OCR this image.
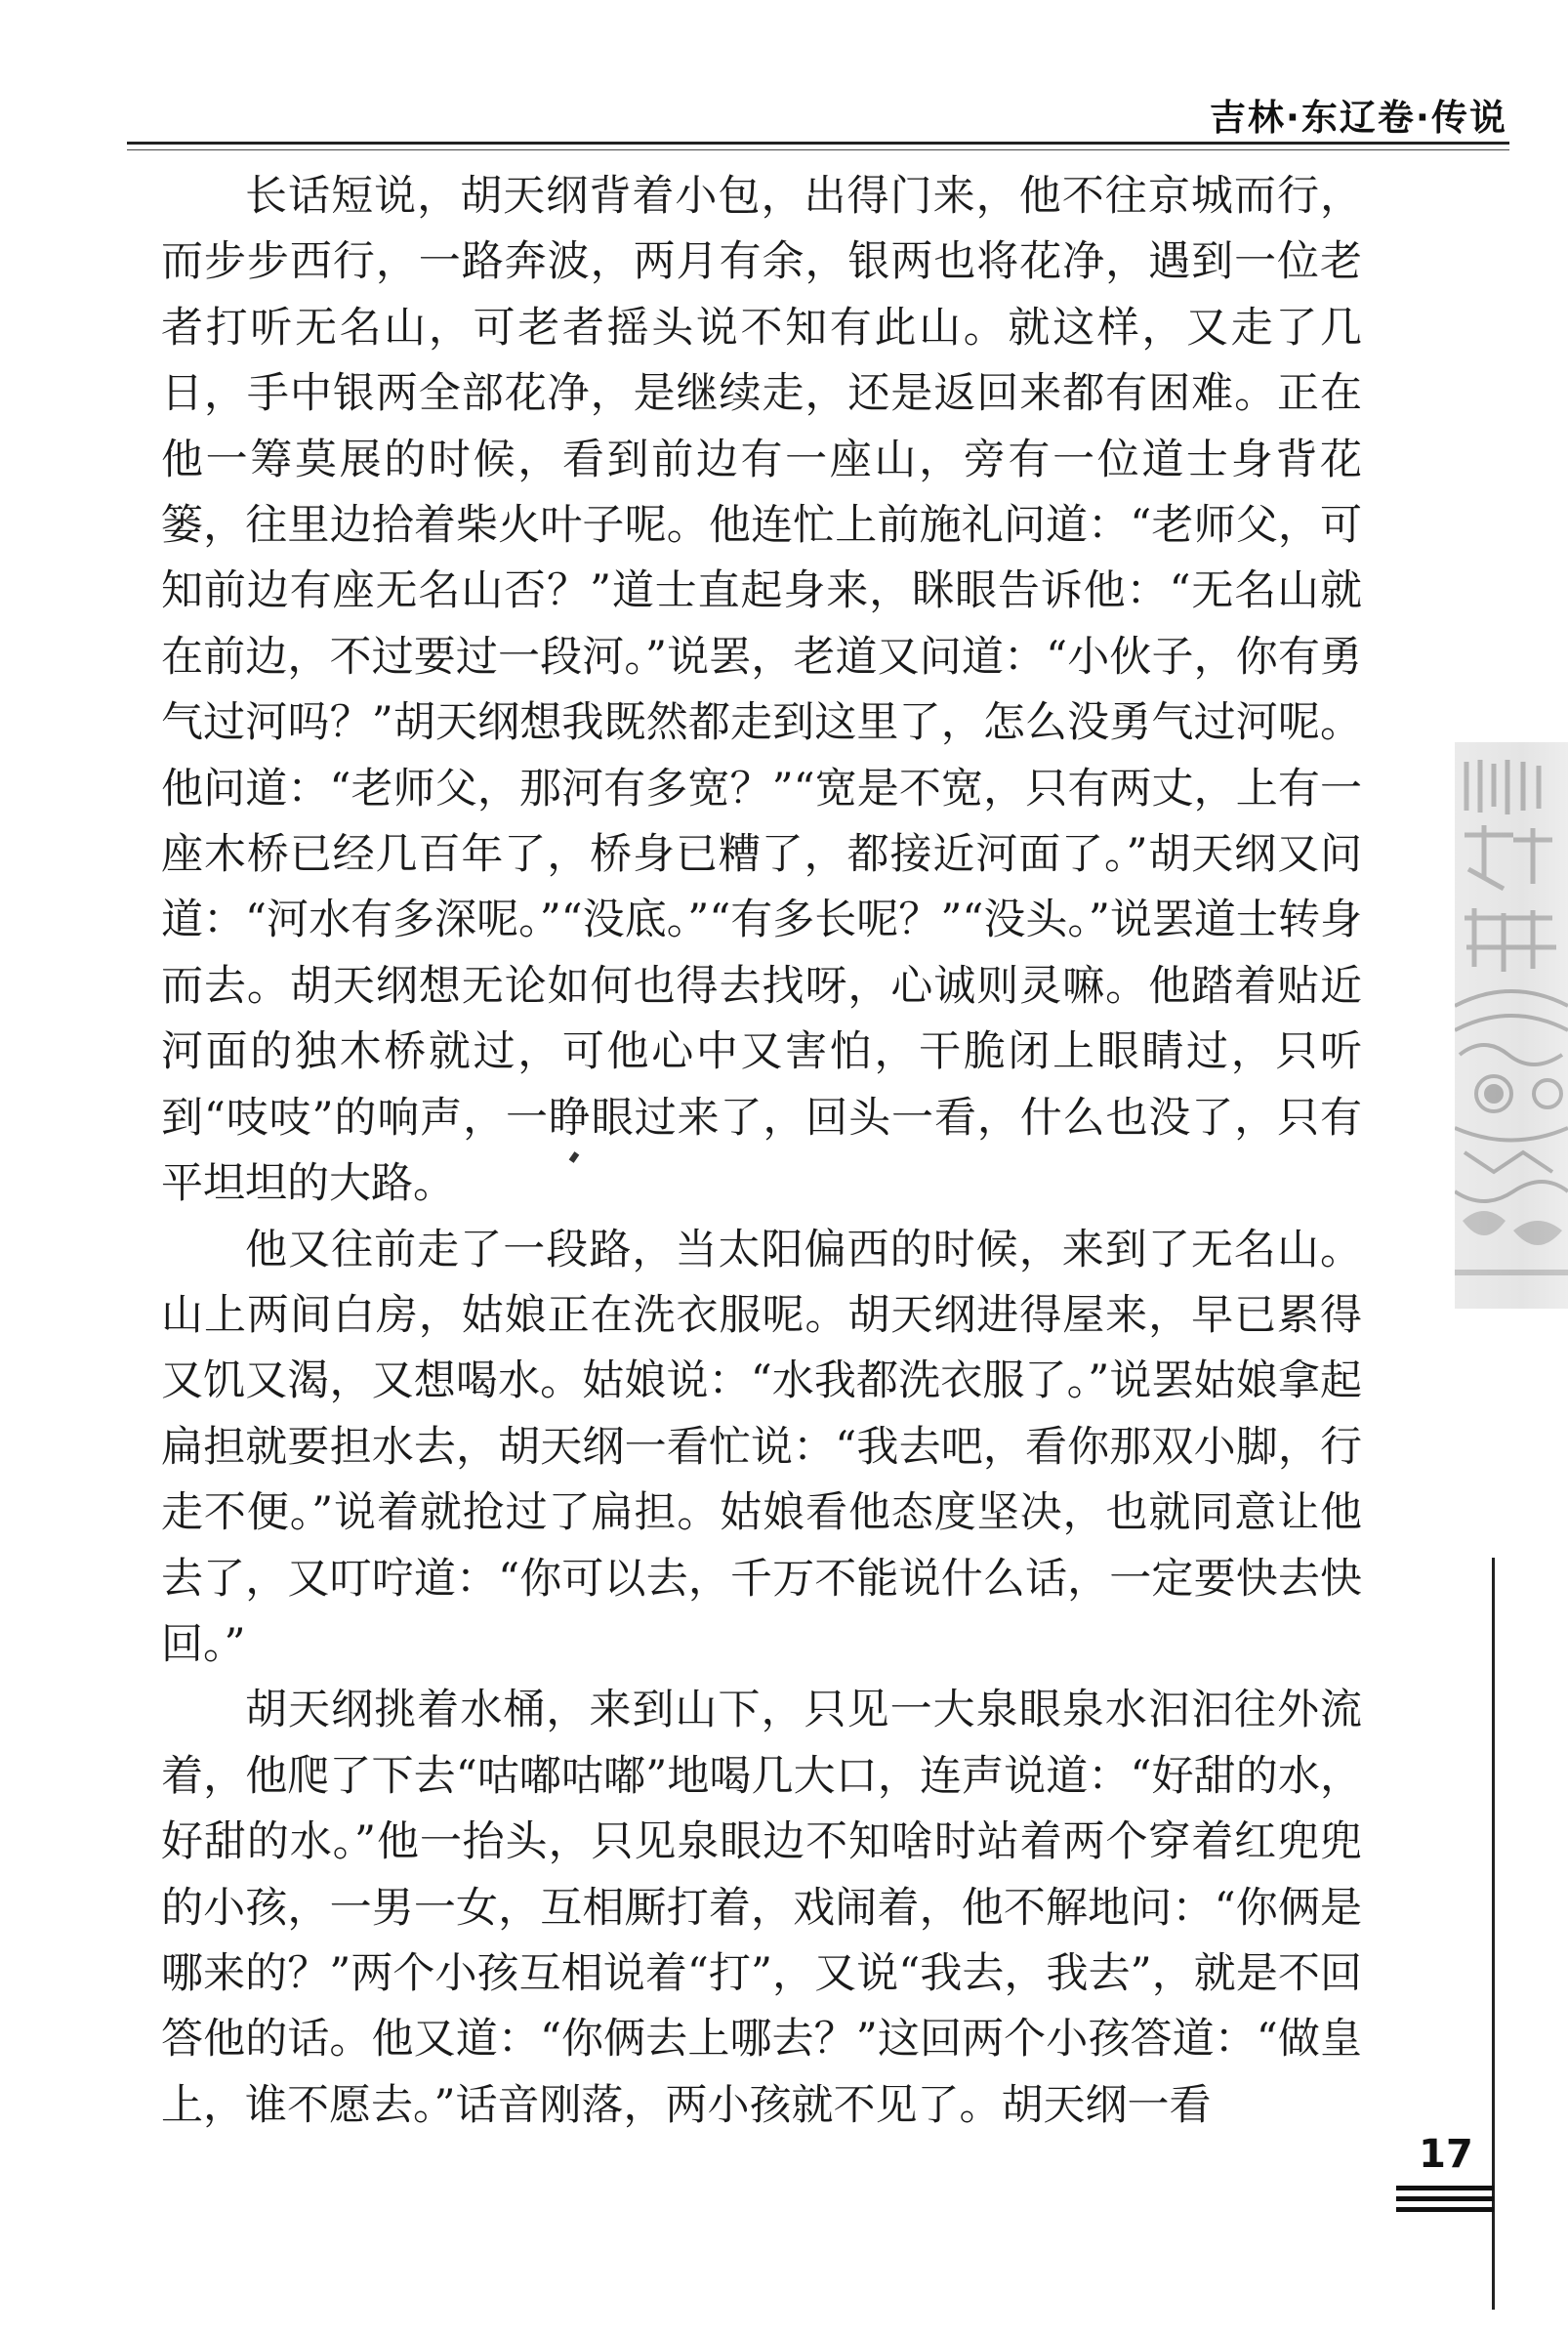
吉林·东辽卷·传说

长话短说，胡天纲背着小包，出得门来，他不往京城而行，而步步西行，一路奔波，两月有余，银两也将花净，遇到一位老者打听无名山，可老者摇头说不知有此山。就这样，又走了几日，手中银两全部花净，是继续走，还是返回来都有困难。正在他一筹莫展的时候，看到前边有一座山，旁有一位道士身背花篓，往里边拾着柴火叶子呢。他连忙上前施礼问道：“老师父，可知前边有座无名山否？”道士直起身来，眯眼告诉他：“无名山就在前边，不过要过一段河。”说罢，老道又问道：“小伙子，你有勇气过河吗？”胡天纲想我既然都走到这里了，怎么没勇气过河呢。他问道：“老师父，那河有多宽？”“宽是不宽，只有两丈，上有一座木桥已经几百年了，桥身已糟了，都接近河面了。”胡天纲又问道：“河水有多深呢。”“没底。”“有多长呢？”“没头。”说罢道士转身而去。胡天纲想无论如何也得去找呀，心诚则灵嘛。他踏着贴近河面的独木桥就过，可他心中又害怕，干脆闭上眼睛过，只听到“吱吱”的响声，一睁眼过来了，回头一看，什么也没了，只有平坦坦的大路。

他又往前走了一段路，当太阳偏西的时候，来到了无名山。山上两间白房，姑娘正在洗衣服呢。胡天纲进得屋来，早已累得又饥又渴，又想喝水。姑娘说：“水我都洗衣服了。”说罢姑娘拿起扁担就要担水去，胡天纲一看忙说：“我去吧，看你那双小脚，行走不便。”说着就抢过了扁担。姑娘看他态度坚决，也就同意让他去了，又叮咛道：“你可以去，千万不能说什么话，一定要快去快回。”

胡天纲挑着水桶，来到山下，只见一大泉眼泉水汩汩往外流着，他爬了下去“咕嘟咕嘟”地喝几大口，连声说道：“好甜的水，好甜的水。”他一抬头，只见泉眼边不知啥时站着两个穿着红兜兜的小孩，一男一女，互相厮打着，戏闹着，他不解地问：“你俩是哪来的？”两个小孩互相说着“打”，又说“我去，我去”，就是不回答他的话。他又道：“你俩去上哪去？”这回两个小孩答道：“做皇上，谁不愿去。”话音刚落，两小孩就不见了。胡天纲一看

17
